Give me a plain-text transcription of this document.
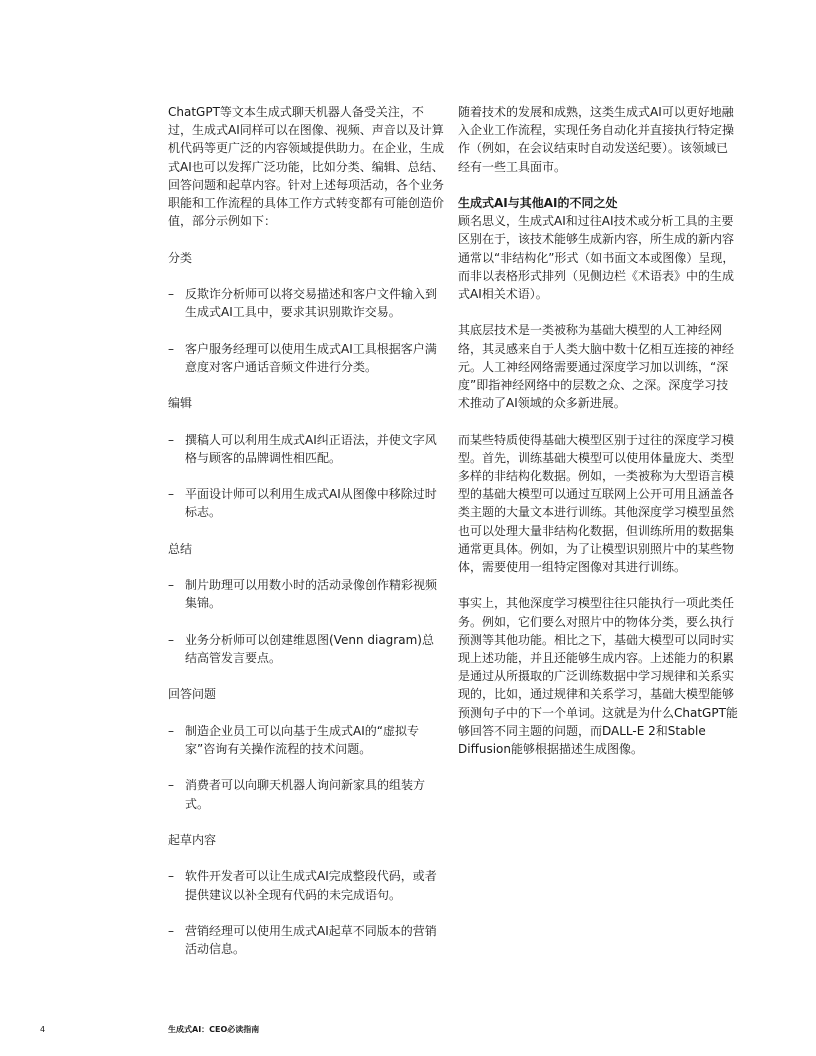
ChatGPT等文本生成式聊天机器人备受关注，不过，生成式AI同样可以在图像、视频、声音以及计算机代码等更广泛的内容领域提供助力。在企业，生成式AI也可以发挥广泛功能，比如分类、编辑、总结、回答问题和起草内容。针对上述每项活动，各个业务职能和工作流程的具体工作方式转变都有可能创造价值，部分示例如下：

分类

– 反欺诈分析师可以将交易描述和客户文件输入到生成式AI工具中，要求其识别欺诈交易。
– 客户服务经理可以使用生成式AI工具根据客户满意度对客户通话音频文件进行分类。

编辑

– 撰稿人可以利用生成式AI纠正语法，并使文字风格与顾客的品牌调性相匹配。
– 平面设计师可以利用生成式AI从图像中移除过时标志。

总结

– 制片助理可以用数小时的活动录像创作精彩视频集锦。
– 业务分析师可以创建维恩图(Venn diagram)总结高管发言要点。

回答问题

– 制造企业员工可以向基于生成式AI的“虚拟专家”咨询有关操作流程的技术问题。
– 消费者可以向聊天机器人询问新家具的组装方式。

起草内容

– 软件开发者可以让生成式AI完成整段代码，或者提供建议以补全现有代码的未完成语句。
– 营销经理可以使用生成式AI起草不同版本的营销活动信息。

随着技术的发展和成熟，这类生成式AI可以更好地融入企业工作流程，实现任务自动化并直接执行特定操作（例如，在会议结束时自动发送纪要）。该领域已经有一些工具面市。

生成式AI与其他AI的不同之处

顾名思义，生成式AI和过往AI技术或分析工具的主要区别在于，该技术能够生成新内容，所生成的新内容通常以“非结构化”形式（如书面文本或图像）呈现，而非以表格形式排列（见侧边栏《术语表》中的生成式AI相关术语）。

其底层技术是一类被称为基础大模型的人工神经网络，其灵感来自于人类大脑中数十亿相互连接的神经元。人工神经网络需要通过深度学习加以训练，“深度”即指神经网络中的层数之众、之深。深度学习技术推动了AI领域的众多新进展。

而某些特质使得基础大模型区别于过往的深度学习模型。首先，训练基础大模型可以使用体量庞大、类型多样的非结构化数据。例如，一类被称为大型语言模型的基础大模型可以通过互联网上公开可用且涵盖各类主题的大量文本进行训练。其他深度学习模型虽然也可以处理大量非结构化数据，但训练所用的数据集通常更具体。例如，为了让模型识别照片中的某些物体，需要使用一组特定图像对其进行训练。

事实上，其他深度学习模型往往只能执行一项此类任务。例如，它们要么对照片中的物体分类，要么执行预测等其他功能。相比之下，基础大模型可以同时实现上述功能，并且还能够生成内容。上述能力的积累是通过从所摄取的广泛训练数据中学习规律和关系实现的，比如，通过规律和关系学习，基础大模型能够预测句子中的下一个单词。这就是为什么ChatGPT能够回答不同主题的问题，而DALL-E 2和Stable Diffusion能够根据描述生成图像。

4	生成式AI：CEO必读指南
